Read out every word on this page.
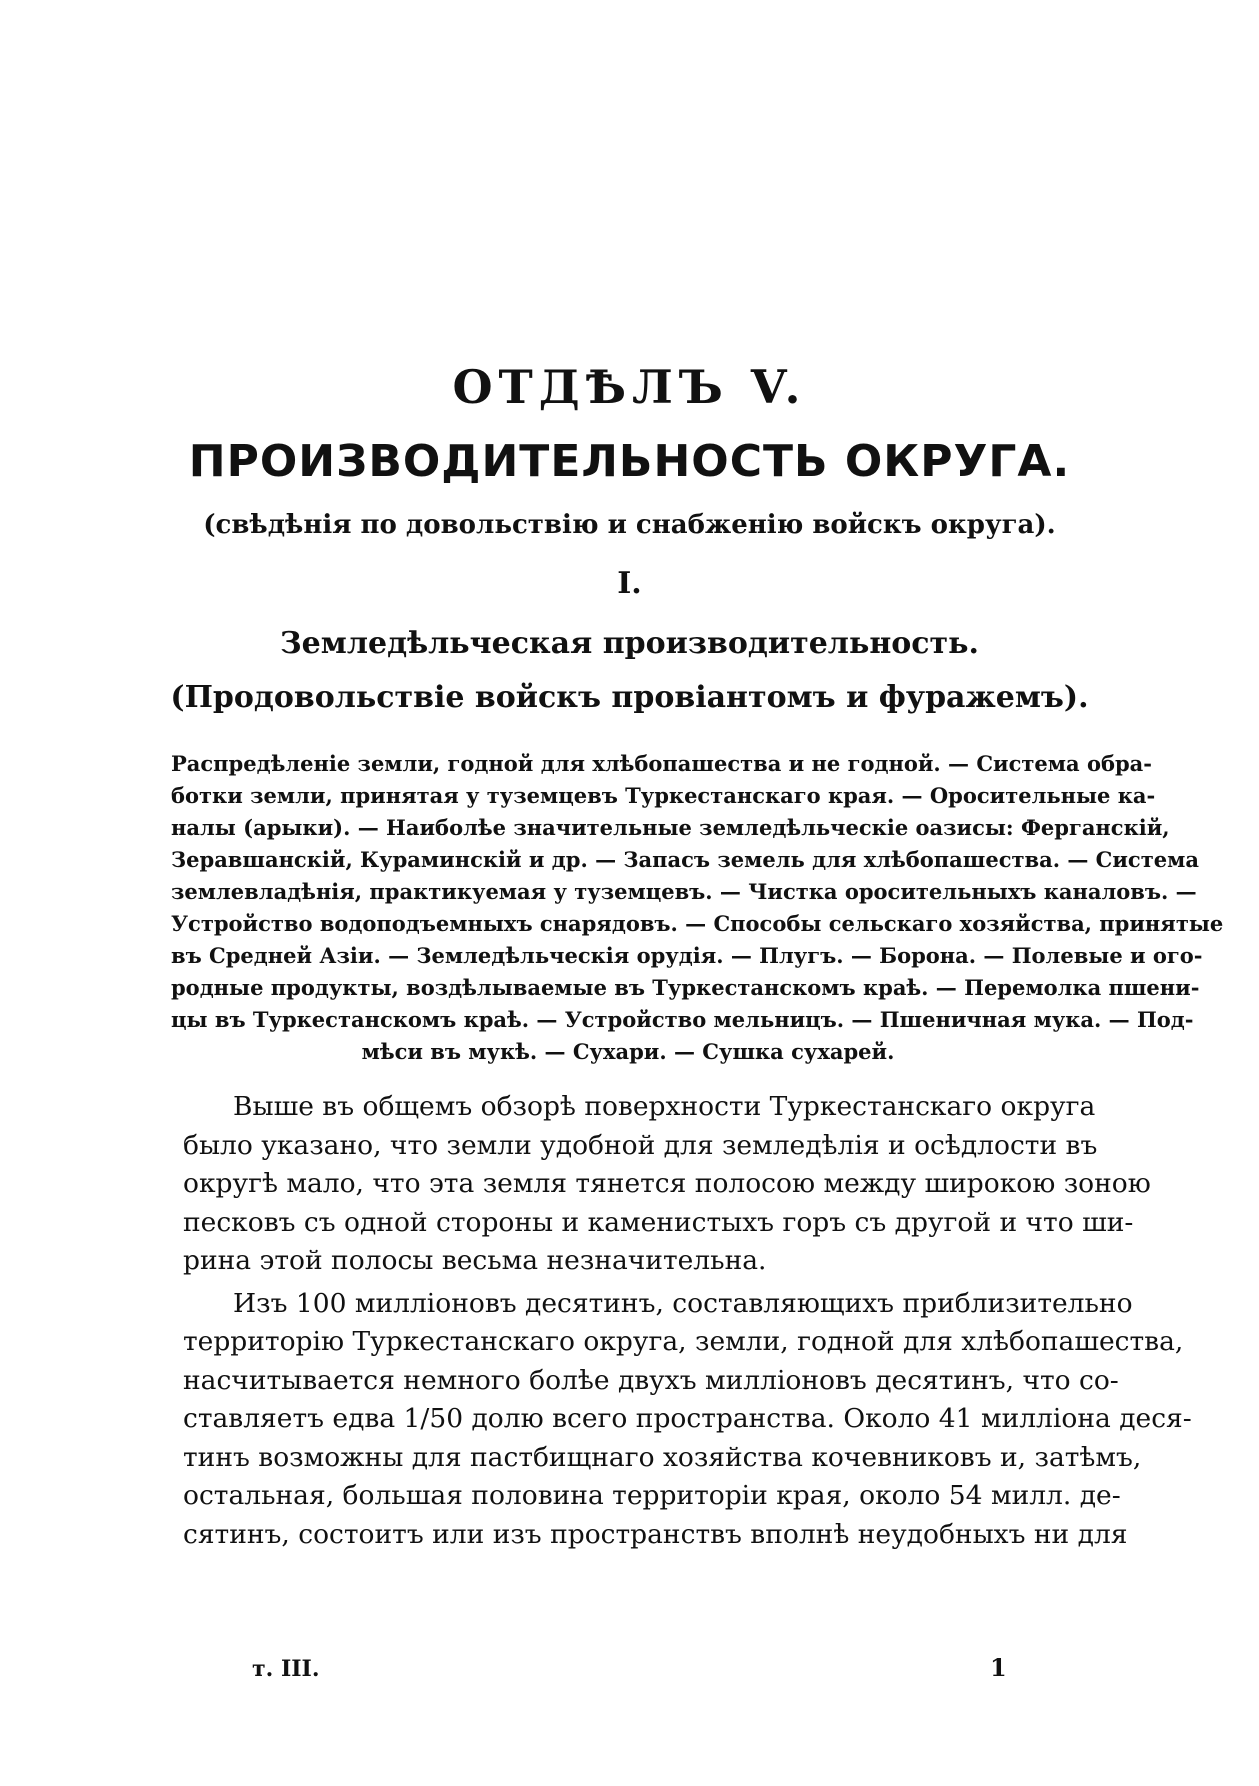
ОТДѢЛЪ V.
ПРОИЗВОДИТЕЛЬНОСТЬ ОКРУГА.
(свѣдѣнія по довольствію и снабженію войскъ округа).
I.
Земледѣльческая производительность.
(Продовольствіе войскъ провіантомъ и фуражемъ).
Распредѣленіе земли, годной для хлѣбопашества и не годной. — Система обра-
ботки земли, принятая у туземцевъ Туркестанскаго края. — Оросительные ка-
налы (арыки). — Наиболѣе значительные земледѣльческіе оазисы: Ферганскій,
Зеравшанскій, Кураминскій и др. — Запасъ земель для хлѣбопашества. — Система
землевладѣнія, практикуемая у туземцевъ. — Чистка оросительныхъ каналовъ. —
Устройство водоподъемныхъ снарядовъ. — Способы сельскаго хозяйства, принятые
въ Средней Азіи. — Земледѣльческія орудія. — Плугъ. — Борона. — Полевые и ого-
родные продукты, воздѣлываемые въ Туркестанскомъ краѣ. — Перемолка пшени-
цы въ Туркестанскомъ краѣ. — Устройство мельницъ. — Пшеничная мука. — Под-
мѣси въ мукѣ. — Сухари. — Сушка сухарей.
Выше въ общемъ обзорѣ поверхности Туркестанскаго округа
было указано, что земли удобной для земледѣлія и осѣдлости въ
округѣ мало, что эта земля тянется полосою между широкою зоною
песковъ съ одной стороны и каменистыхъ горъ съ другой и что ши-
рина этой полосы весьма незначительна.
Изъ 100 милліоновъ десятинъ, составляющихъ приблизительно
территорію Туркестанскаго округа, земли, годной для хлѣбопашества,
насчитывается немного болѣе двухъ милліоновъ десятинъ, что со-
ставляетъ едва 1/50 долю всего пространства. Около 41 милліона деся-
тинъ возможны для пастбищнаго хозяйства кочевниковъ и, затѣмъ,
остальная, большая половина территоріи края, около 54 милл. де-
сятинъ, состоитъ или изъ пространствъ вполнѣ неудобныхъ ни для
т. III.	1
